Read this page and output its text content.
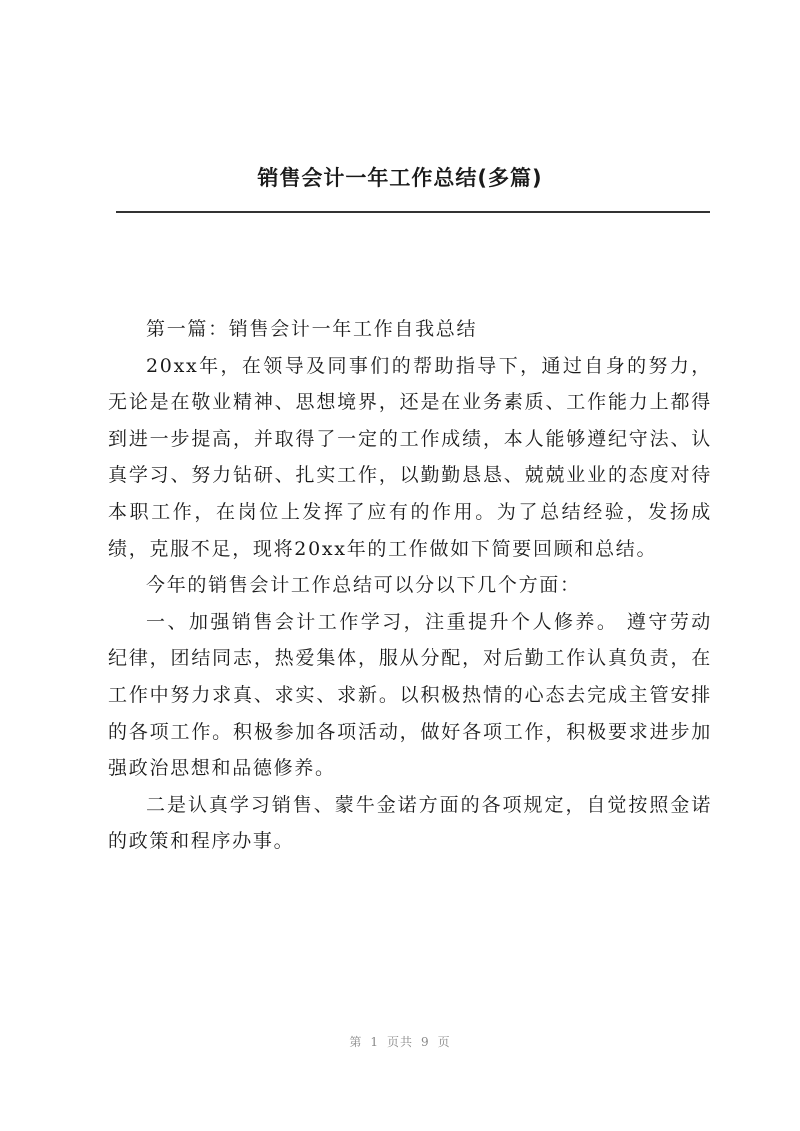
销售会计一年工作总结(多篇)

第一篇：销售会计一年工作自我总结

20xx年，在领导及同事们的帮助指导下，通过自身的努力，无论是在敬业精神、思想境界，还是在业务素质、工作能力上都得到进一步提高，并取得了一定的工作成绩，本人能够遵纪守法、认真学习、努力钻研、扎实工作，以勤勤恳恳、兢兢业业的态度对待本职工作，在岗位上发挥了应有的作用。为了总结经验，发扬成绩，克服不足，现将20xx年的工作做如下简要回顾和总结。

今年的销售会计工作总结可以分以下几个方面：

一、加强销售会计工作学习，注重提升个人修养。 遵守劳动纪律，团结同志，热爱集体，服从分配，对后勤工作认真负责，在工作中努力求真、求实、求新。以积极热情的心态去完成主管安排的各项工作。积极参加各项活动，做好各项工作，积极要求进步加强政治思想和品德修养。

二是认真学习销售、蒙牛金诺方面的各项规定，自觉按照金诺的政策和程序办事。

第 1 页共 9 页
